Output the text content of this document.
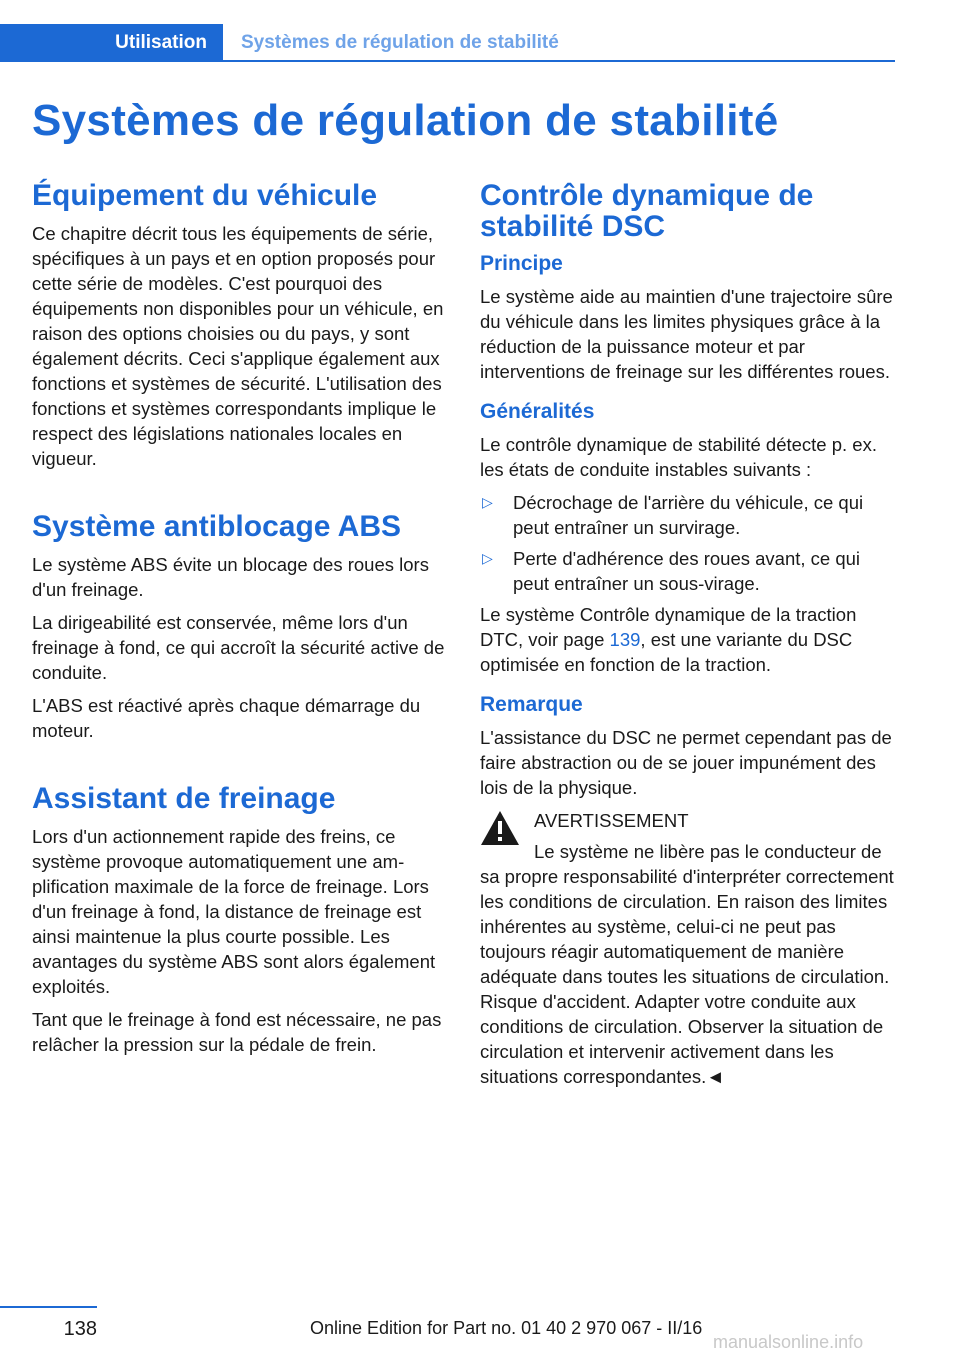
Utilisation	Systèmes de régulation de stabilité
Systèmes de régulation de stabilité
Équipement du véhicule

Ce chapitre décrit tous les équipements de série, spécifiques à un pays et en option proposés pour cette série de modèles. C'est pourquoi des équipements non disponibles pour un véhicule, en raison des options choisies ou du pays, y sont également décrits. Ceci s'applique également aux fonctions et systèmes de sécurité. L'utilisation des fonctions et systèmes correspondants implique le respect des législations nationales locales en vigueur.

Système antiblocage ABS

Le système ABS évite un blocage des roues lors d'un freinage.

La dirigeabilité est conservée, même lors d'un freinage à fond, ce qui accroît la sécurité active de conduite.

L'ABS est réactivé après chaque démarrage du moteur.

Assistant de freinage

Lors d'un actionnement rapide des freins, ce système provoque automatiquement une amplification maximale de la force de freinage. Lors d'un freinage à fond, la distance de freinage est ainsi maintenue la plus courte possible. Les avantages du système ABS sont alors également exploités.

Tant que le freinage à fond est nécessaire, ne pas relâcher la pression sur la pédale de frein.

Contrôle dynamique de stabilité DSC
Principe

Le système aide au maintien d'une trajectoire sûre du véhicule dans les limites physiques grâce à la réduction de la puissance moteur et par interventions de freinage sur les différentes roues.

Généralités

Le contrôle dynamique de stabilité détecte p. ex. les états de conduite instables suivants :

▷ Décrochage de l'arrière du véhicule, ce qui peut entraîner un survirage.
▷ Perte d'adhérence des roues avant, ce qui peut entraîner un sous-virage.

Le système Contrôle dynamique de la traction DTC, voir page 139, est une variante du DSC optimisée en fonction de la traction.

Remarque

L'assistance du DSC ne permet cependant pas de faire abstraction ou de se jouer impunément des lois de la physique.

AVERTISSEMENT

Le système ne libère pas le conducteur de sa propre responsabilité d'interpréter correctement les conditions de circulation. En raison des limites inhérentes au système, celui-ci ne peut pas toujours réagir automatiquement de manière adéquate dans toutes les situations de circulation. Risque d'accident. Adapter votre conduite aux conditions de circulation. Observer la situation de circulation et intervenir activement dans les situations correspondantes.◄

138	Online Edition for Part no. 01 40 2 970 067 - II/16
manualsonline.info
